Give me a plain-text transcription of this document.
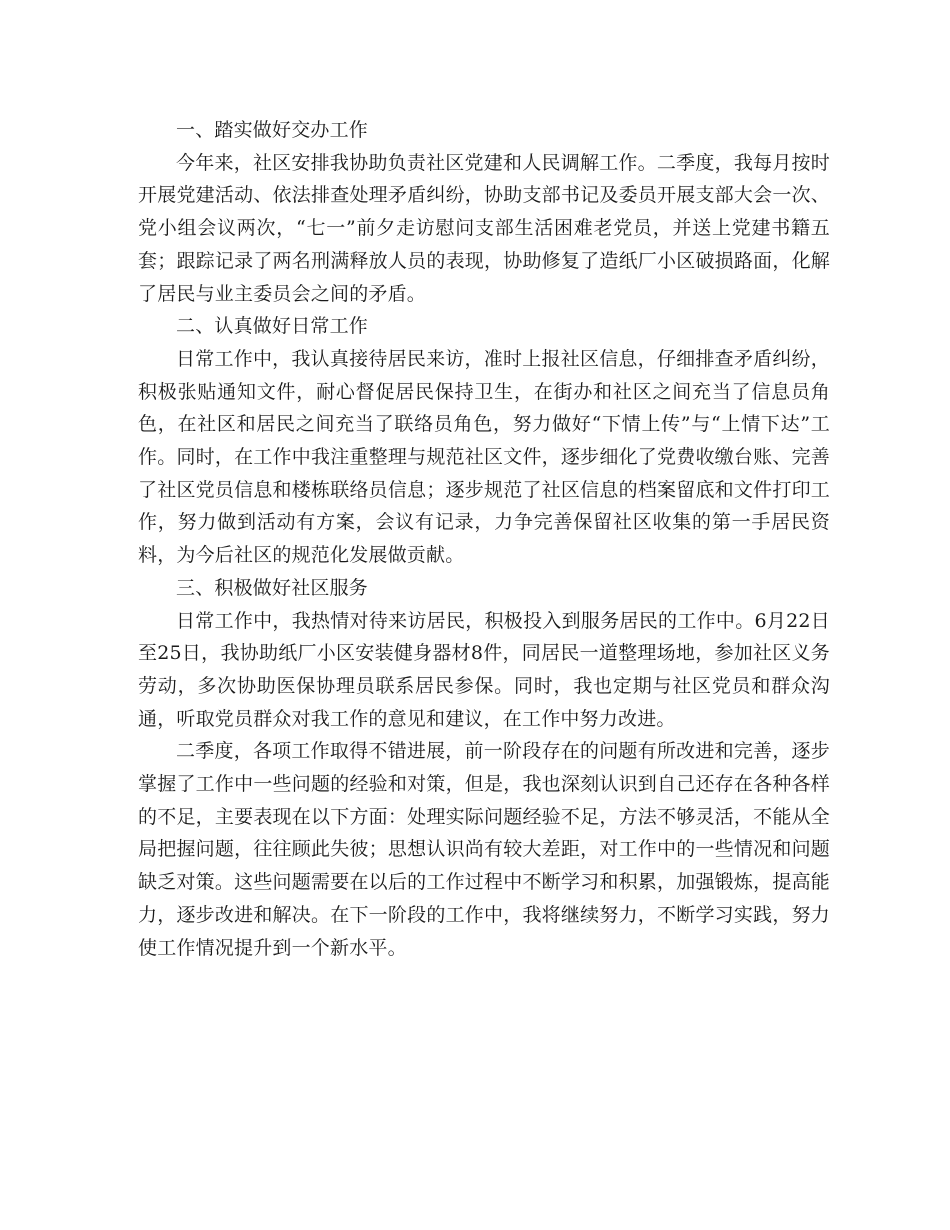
一、踏实做好交办工作

今年来，社区安排我协助负责社区党建和人民调解工作。二季度，我每月按时开展党建活动、依法排查处理矛盾纠纷，协助支部书记及委员开展支部大会一次、党小组会议两次，“七一”前夕走访慰问支部生活困难老党员，并送上党建书籍五套；跟踪记录了两名刑满释放人员的表现，协助修复了造纸厂小区破损路面，化解了居民与业主委员会之间的矛盾。

二、认真做好日常工作

日常工作中，我认真接待居民来访，准时上报社区信息，仔细排查矛盾纠纷，积极张贴通知文件，耐心督促居民保持卫生，在街办和社区之间充当了信息员角色，在社区和居民之间充当了联络员角色，努力做好“下情上传”与“上情下达”工作。同时，在工作中我注重整理与规范社区文件，逐步细化了党费收缴台账、完善了社区党员信息和楼栋联络员信息；逐步规范了社区信息的档案留底和文件打印工作，努力做到活动有方案，会议有记录，力争完善保留社区收集的第一手居民资料，为今后社区的规范化发展做贡献。

三、积极做好社区服务

日常工作中，我热情对待来访居民，积极投入到服务居民的工作中。6月22日至25日，我协助纸厂小区安装健身器材8件，同居民一道整理场地，参加社区义务劳动，多次协助医保协理员联系居民参保。同时，我也定期与社区党员和群众沟通，听取党员群众对我工作的意见和建议，在工作中努力改进。

二季度，各项工作取得不错进展，前一阶段存在的问题有所改进和完善，逐步掌握了工作中一些问题的经验和对策，但是，我也深刻认识到自己还存在各种各样的不足，主要表现在以下方面：处理实际问题经验不足，方法不够灵活，不能从全局把握问题，往往顾此失彼；思想认识尚有较大差距，对工作中的一些情况和问题缺乏对策。这些问题需要在以后的工作过程中不断学习和积累，加强锻炼，提高能力，逐步改进和解决。在下一阶段的工作中，我将继续努力，不断学习实践，努力使工作情况提升到一个新水平。
